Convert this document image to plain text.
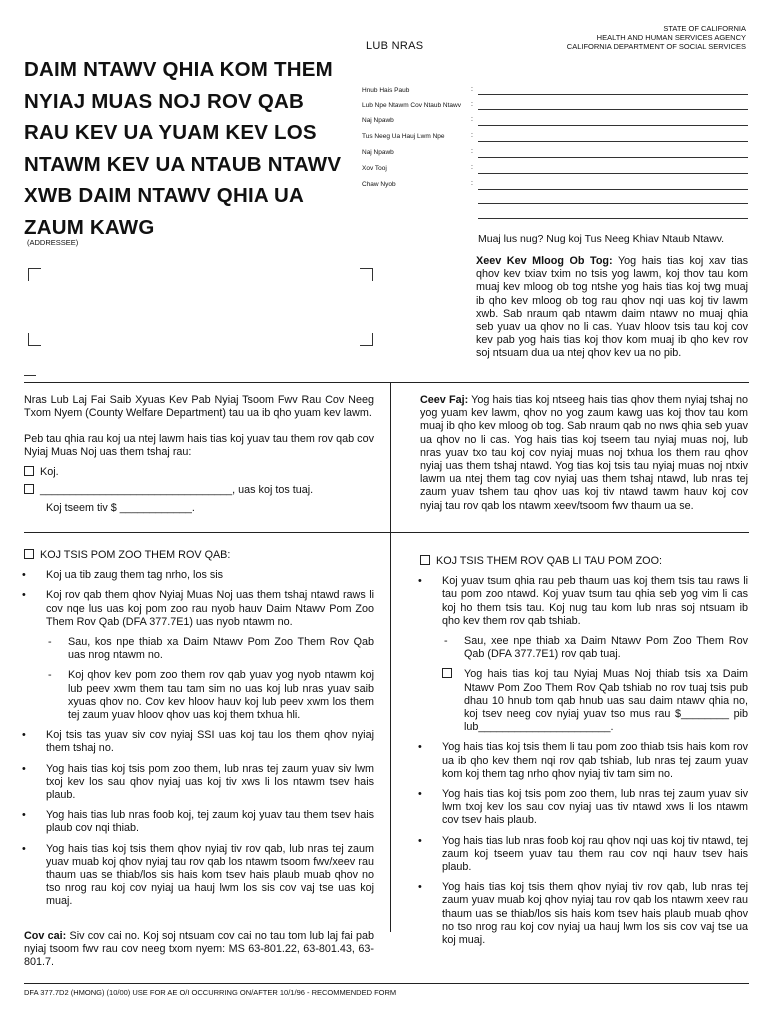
STATE OF CALIFORNIA
HEALTH AND HUMAN SERVICES AGENCY
CALIFORNIA DEPARTMENT OF SOCIAL SERVICES
LUB NRAS
DAIM NTAWV QHIA KOM THEM NYIAJ MUAS NOJ ROV QAB RAU KEV UA YUAM KEV LOS NTAWM KEV UA NTAUB NTAWV XWB DAIM NTAWV QHIA UA ZAUM KAWG
Hnub Hais Paub	:
Lub Npe Ntawm Cov Ntaub Ntawv :
Naj Npawb	:
Tus Neeg Ua Hauj Lwm Npe	:
Naj Npawb	:
Xov Tooj	:
Chaw Nyob	:
(ADDRESSEE)	Muaj lus nug? Nug koj Tus Neeg Khiav Ntaub Ntawv.
Xeev Kev Mloog Ob Tog: Yog hais tias koj xav tias qhov kev txiav txim no tsis yog lawm, koj thov tau kom muaj kev mloog ob tog ntshe yog hais tias koj twg muaj ib qho kev mloog ob tog rau qhov nqi uas koj tiv lawm xwb. Sab nraum qab ntawm daim ntawv no muaj qhia seb yuav ua qhov no li cas. Yuav hloov tsis tau koj cov kev pab yog hais tias koj thov kom muaj ib qho kev rov soj ntsuam dua ua ntej qhov kev ua no pib.
Nras Lub Laj Fai Saib Xyuas Kev Pab Nyiaj Tsoom Fwv Rau Cov Neeg Txom Nyem (County Welfare Department) tau ua ib qho yuam kev lawm.
Peb tau qhia rau koj ua ntej lawm hais tias koj yuav tau them rov qab cov Nyiaj Muas Noj uas them tshaj rau:
Koj.
________________________________, uas koj tos tuaj.
Koj tseem tiv $ ____________.
Ceev Faj: Yog hais tias koj ntseeg hais tias qhov them nyiaj tshaj no yog yuam kev lawm, qhov no yog zaum kawg uas koj thov tau kom muaj ib qho kev mloog ob tog. Sab nraum qab no nws qhia seb yuav ua qhov no li cas. Yog hais tias koj tseem tau nyiaj muas noj, lub nras yuav txo tau koj cov nyiaj muas noj txhua los them rau qhov nyiaj uas them tshaj ntawd. Yog tias koj tsis tau nyiaj muas noj ntxiv lawm ua ntej them tag cov nyiaj uas them tshaj ntawd, lub nras tej zaum yuav tshem tau qhov uas koj tiv ntawd tawm hauv koj cov nyiaj tau rov qab los ntawm xeev/tsoom fwv thaum ua se.
KOJ TSIS POM ZOO THEM ROV QAB:
• Koj ua tib zaug them tag nrho, los sis
• Koj rov qab them qhov Nyiaj Muas Noj uas them tshaj ntawd raws li cov nqe lus uas koj pom zoo rau nyob hauv Daim Ntawv Pom Zoo Them Rov Qab (DFA 377.7E1) uas nyob ntawm no.
- Sau, kos npe thiab xa Daim Ntawv Pom Zoo Them Rov Qab uas nrog ntawm no.
- Koj qhov kev pom zoo them rov qab yuav yog nyob ntawm koj lub peev xwm them tau tam sim no uas koj lub nras yuav saib xyuas qhov no. Cov kev hloov hauv koj lub peev xwm los them tej zaum yuav hloov qhov uas koj them txhua hli.
• Koj tsis tas yuav siv cov nyiaj SSI uas koj tau los them qhov nyiaj them tshaj no.
• Yog hais tias koj tsis pom zoo them, lub nras tej zaum yuav siv lwm txoj kev los sau qhov nyiaj uas koj tiv xws li los ntawm tsev hais plaub.
• Yog hais tias lub nras foob koj, tej zaum koj yuav tau them tsev hais plaub cov nqi thiab.
• Yog hais tias koj tsis them qhov nyiaj tiv rov qab, lub nras tej zaum yuav muab koj qhov nyiaj tau rov qab los ntawm tsoom fwv/xeev rau thaum uas se thiab/los sis hais kom tsev hais plaub muab qhov no tso nrog rau koj cov nyiaj ua hauj lwm los sis cov vaj tse uas koj muaj.
KOJ TSIS THEM ROV QAB LI TAU POM ZOO:
• Koj yuav tsum qhia rau peb thaum uas koj them tsis tau raws li tau pom zoo ntawd. Koj yuav tsum tau qhia seb yog vim li cas koj ho them tsis tau. Koj nug tau kom lub nras soj ntsuam ib qho kev them rov qab tshiab.
- Sau, xee npe thiab xa Daim Ntawv Pom Zoo Them Rov Qab (DFA 377.7E1) rov qab tuaj.
Yog hais tias koj tau Nyiaj Muas Noj thiab tsis xa Daim Ntawv Pom Zoo Them Rov Qab tshiab no rov tuaj tsis pub dhau 10 hnub tom qab hnub uas sau daim ntawv qhia no, koj tsev neeg cov nyiaj yuav tso mus rau $________ pib lub______________________.
• Yog hais tias koj tsis them li tau pom zoo thiab tsis hais kom rov ua ib qho kev them nqi rov qab tshiab, lub nras tej zaum yuav kom koj them tag nrho qhov nyiaj tiv tam sim no.
• Yog hais tias koj tsis pom zoo them, lub nras tej zaum yuav siv lwm txoj kev los sau cov nyiaj uas tiv ntawd xws li los ntawm cov tsev hais plaub.
• Yog hais tias lub nras foob koj rau qhov nqi uas koj tiv ntawd, tej zaum koj tseem yuav tau them rau cov nqi hauv tsev hais plaub.
• Yog hais tias koj tsis them qhov nyiaj tiv rov qab, lub nras tej zaum yuav muab koj qhov nyiaj tau rov qab los ntawm xeev rau thaum uas se thiab/los sis hais kom tsev hais plaub muab qhov no tso nrog rau koj cov nyiaj ua hauj lwm los sis cov vaj tse ua koj muaj.
Cov cai: Siv cov cai no. Koj soj ntsuam cov cai no tau tom lub laj fai pab nyiaj tsoom fwv rau cov neeg txom nyem: MS 63-801.22, 63-801.43, 63-801.7.
DFA 377.7D2 (HMONG) (10/00) USE FOR AE O/I OCCURRING ON/AFTER 10/1/96 - RECOMMENDED FORM
